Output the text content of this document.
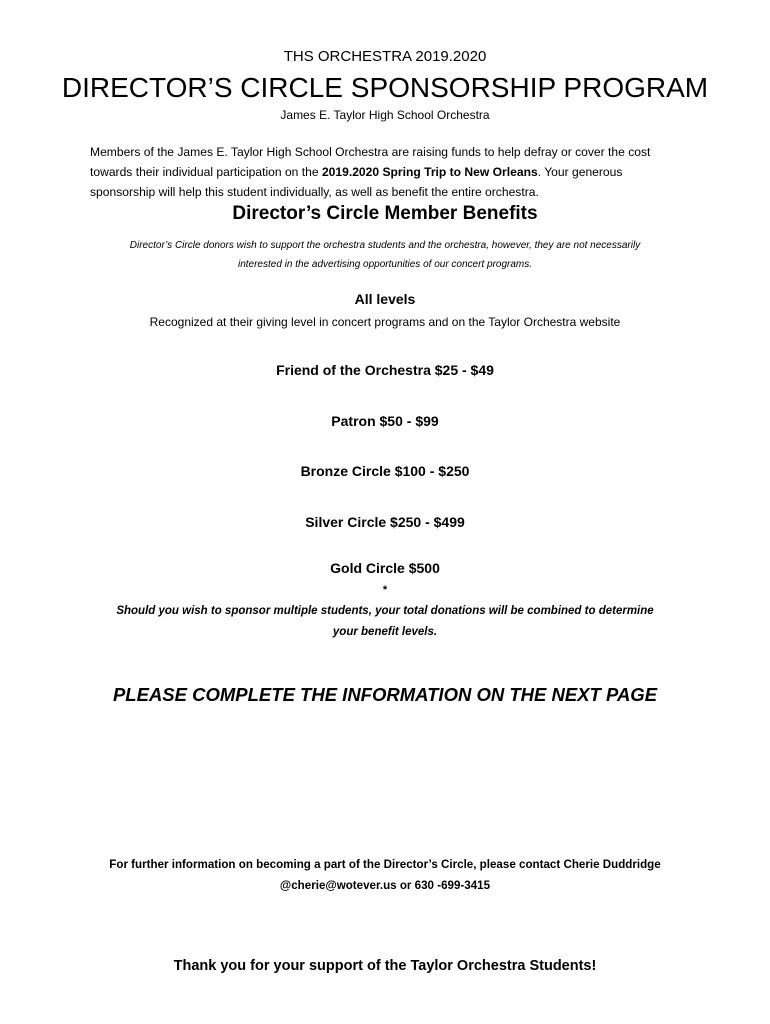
THS ORCHESTRA 2019.2020
DIRECTOR’S CIRCLE SPONSORSHIP PROGRAM
James E. Taylor High School Orchestra
Members of the James E. Taylor High School Orchestra are raising funds to help defray or cover the cost towards their individual participation on the 2019.2020 Spring Trip to New Orleans. Your generous sponsorship will help this student individually, as well as benefit the entire orchestra.
Director’s Circle Member Benefits
Director’s Circle donors wish to support the orchestra students and the orchestra, however, they are not necessarily
interested in the advertising opportunities of our concert programs.
All levels
Recognized at their giving level in concert programs and on the Taylor Orchestra website
Friend of the Orchestra $25 - $49
Patron $50 - $99
Bronze Circle $100 - $250
Silver Circle $250 - $499
Gold Circle $500
*
Should you wish to sponsor multiple students, your total donations will be combined to determine
your benefit levels.
PLEASE COMPLETE THE INFORMATION ON THE NEXT PAGE
For further information on becoming a part of the Director’s Circle, please contact Cherie Duddridge
@cherie@wotever.us or 630 -699-3415
Thank you for your support of the Taylor Orchestra Students!
